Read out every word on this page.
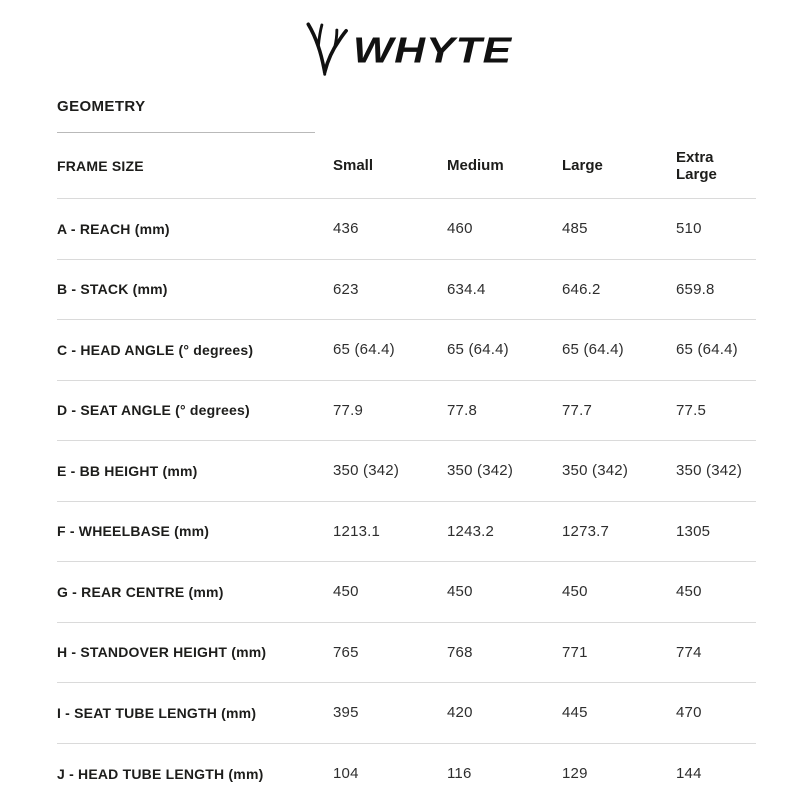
WHYTE
GEOMETRY
FRAME SIZE	Small	Medium	Large	Extra Large
A - REACH (mm)	436	460	485	510
B - STACK (mm)	623	634.4	646.2	659.8
C - HEAD ANGLE (° degrees)	65 (64.4)	65 (64.4)	65 (64.4)	65 (64.4)
D - SEAT ANGLE (° degrees)	77.9	77.8	77.7	77.5
E - BB HEIGHT (mm)	350 (342)	350 (342)	350 (342)	350 (342)
F - WHEELBASE (mm)	1213.1	1243.2	1273.7	1305
G - REAR CENTRE (mm)	450	450	450	450
H - STANDOVER HEIGHT (mm)	765	768	771	774
I - SEAT TUBE LENGTH (mm)	395	420	445	470
J - HEAD TUBE LENGTH (mm)	104	116	129	144
